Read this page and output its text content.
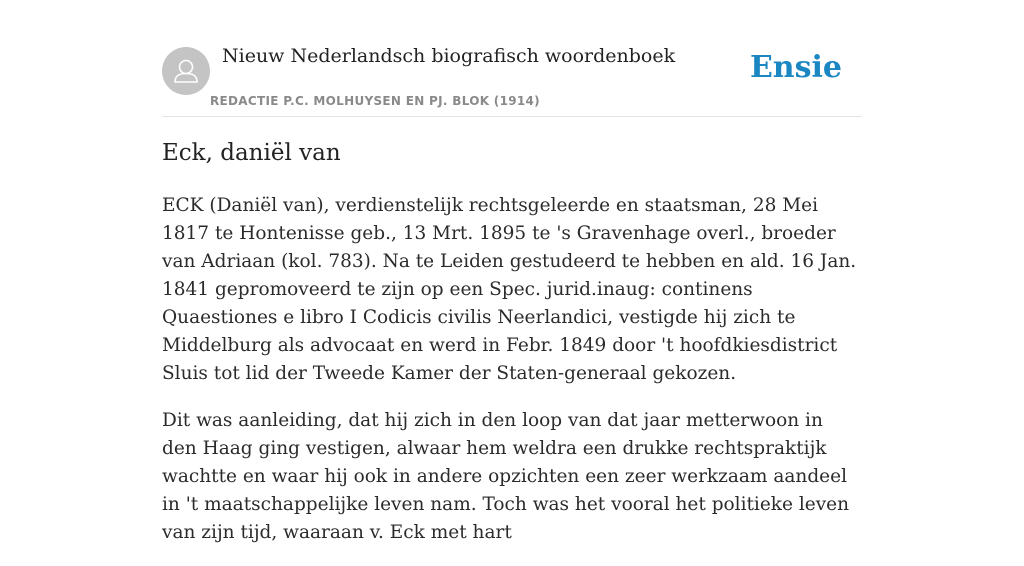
Nieuw Nederlandsch biografisch woordenboek
REDACTIE P.C. MOLHUYSEN EN PJ. BLOK (1914)
Ensie
Eck, daniël van

ECK (Daniël van), verdienstelijk rechtsgeleerde en staatsman, 28 Mei 1817 te Hontenisse geb., 13 Mrt. 1895 te 's Gravenhage overl., broeder van Adriaan (kol. 783). Na te Leiden gestudeerd te hebben en ald. 16 Jan. 1841 gepromoveerd te zijn op een Spec. jurid.inaug: continens Quaestiones e libro I Codicis civilis Neerlandici, vestigde hij zich te Middelburg als advocaat en werd in Febr. 1849 door 't hoofdkiesdistrict Sluis tot lid der Tweede Kamer der Staten-generaal gekozen.

Dit was aanleiding, dat hij zich in den loop van dat jaar metterwoon in den Haag ging vestigen, alwaar hem weldra een drukke rechtspraktijk wachtte en waar hij ook in andere opzichten een zeer werkzaam aandeel in 't maatschappelijke leven nam. Toch was het vooral het politieke leven van zijn tijd, waaraan v. Eck met hart
